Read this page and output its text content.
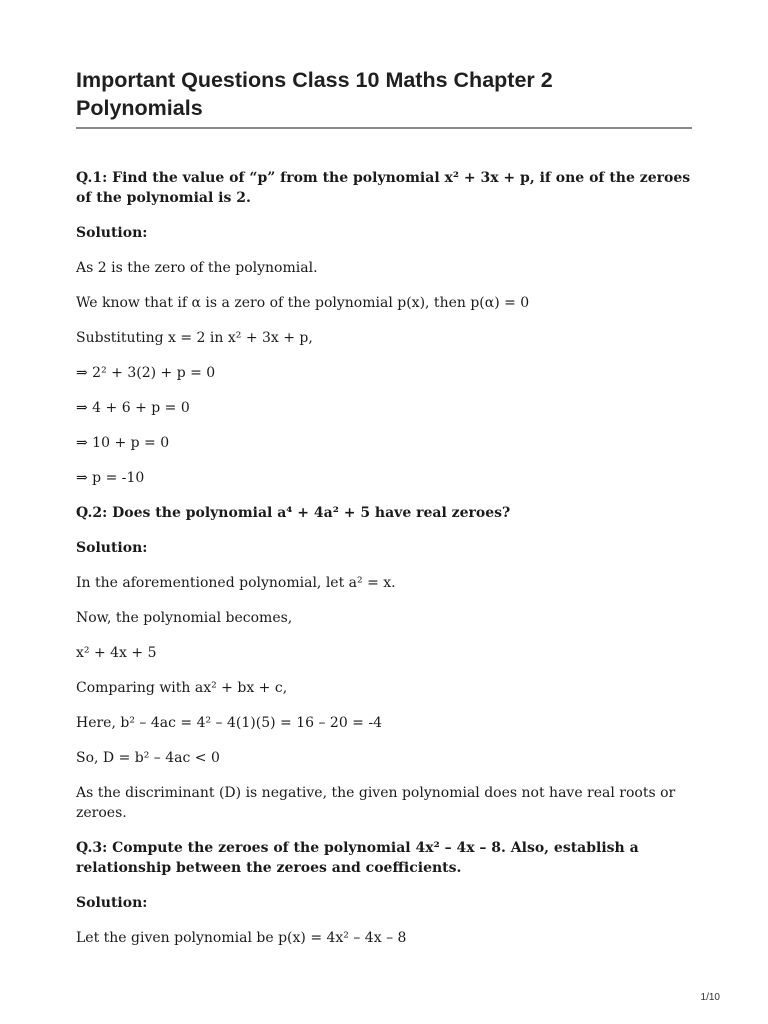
Important Questions Class 10 Maths Chapter 2
Polynomials

Q.1: Find the value of “p” from the polynomial x² + 3x + p, if one of the zeroes of the polynomial is 2.

Solution:

As 2 is the zero of the polynomial.

We know that if α is a zero of the polynomial p(x), then p(α) = 0

Substituting x = 2 in x² + 3x + p,

⇒ 2² + 3(2) + p = 0

⇒ 4 + 6 + p = 0

⇒ 10 + p = 0

⇒ p = -10

Q.2: Does the polynomial a⁴ + 4a² + 5 have real zeroes?

Solution:

In the aforementioned polynomial, let a² = x.

Now, the polynomial becomes,

x² + 4x + 5

Comparing with ax² + bx + c,

Here, b² – 4ac = 4² – 4(1)(5) = 16 – 20 = -4

So, D = b² – 4ac < 0

As the discriminant (D) is negative, the given polynomial does not have real roots or zeroes.

Q.3: Compute the zeroes of the polynomial 4x² – 4x – 8. Also, establish a relationship between the zeroes and coefficients.

Solution:

Let the given polynomial be p(x) = 4x² – 4x – 8

1/10
